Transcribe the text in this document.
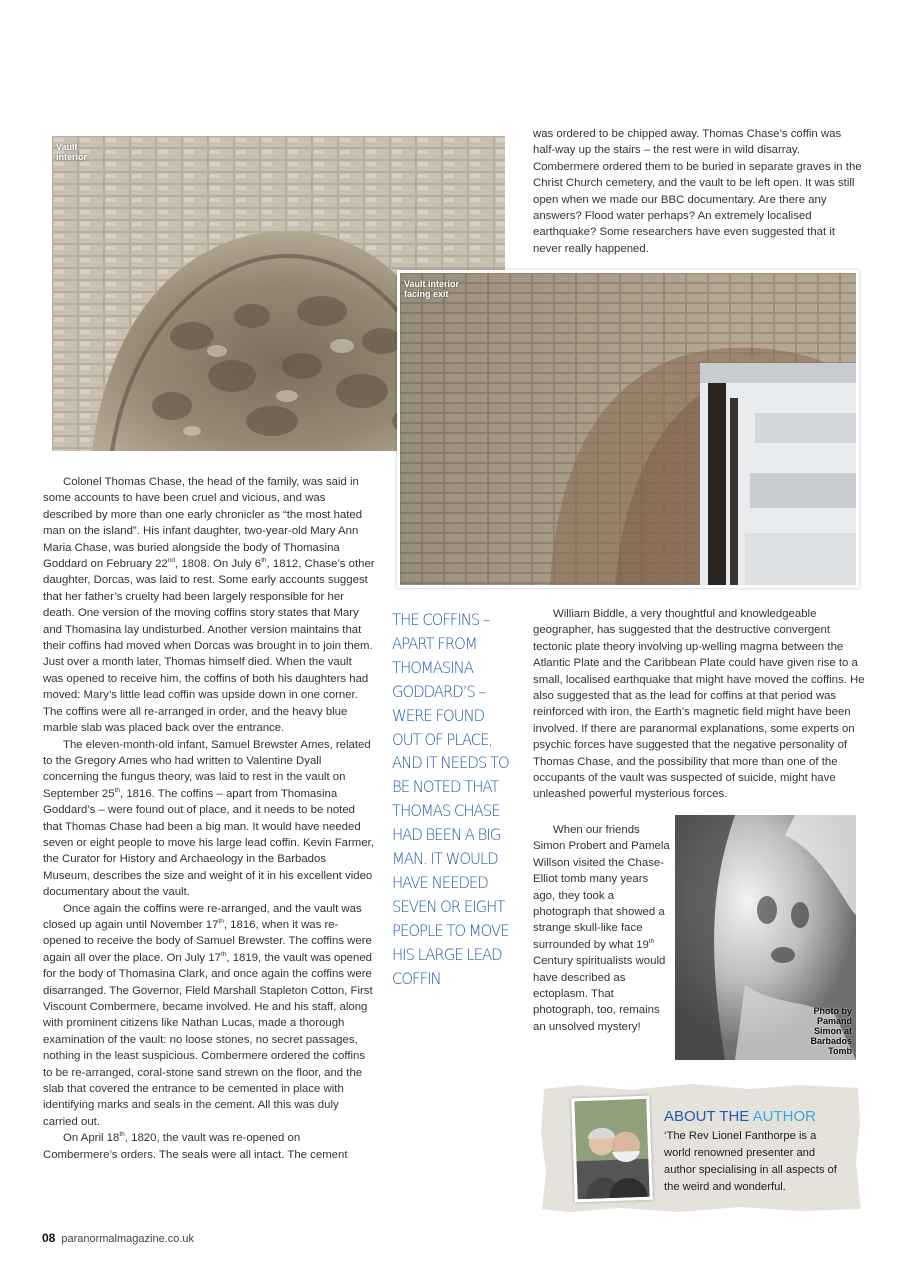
Vault
interior

was ordered to be chipped away. Thomas Chase’s coffin was half-way up the stairs – the rest were in wild disarray. Combermere ordered them to be buried in separate graves in the Christ Church cemetery, and the vault to be left open. It was still open when we made our BBC documentary. Are there any answers? Flood water perhaps? An extremely localised earthquake? Some researchers have even suggested that it never really happened.

Vault interior
facing exit

Colonel Thomas Chase, the head of the family, was said in some accounts to have been cruel and vicious, and was described by more than one early chronicler as “the most hated man on the island”. His infant daughter, two-year-old Mary Ann Maria Chase, was buried alongside the body of Thomasina Goddard on February 22nd, 1808. On July 6th, 1812, Chase’s other daughter, Dorcas, was laid to rest. Some early accounts suggest that her father’s cruelty had been largely responsible for her death. One version of the moving coffins story states that Mary and Thomasina lay undisturbed. Another version maintains that their coffins had moved when Dorcas was brought in to join them. Just over a month later, Thomas himself died. When the vault was opened to receive him, the coffins of both his daughters had moved: Mary’s little lead coffin was upside down in one corner. The coffins were all re-arranged in order, and the heavy blue marble slab was placed back over the entrance.

The eleven-month-old infant, Samuel Brewster Ames, related to the Gregory Ames who had written to Valentine Dyall concerning the fungus theory, was laid to rest in the vault on September 25th, 1816. The coffins – apart from Thomasina Goddard’s – were found out of place, and it needs to be noted that Thomas Chase had been a big man. It would have needed seven or eight people to move his large lead coffin. Kevin Farmer, the Curator for History and Archaeology in the Barbados Museum, describes the size and weight of it in his excellent video documentary about the vault.

Once again the coffins were re-arranged, and the vault was closed up again until November 17th, 1816, when it was re-opened to receive the body of Samuel Brewster. The coffins were again all over the place. On July 17th, 1819, the vault was opened for the body of Thomasina Clark, and once again the coffins were disarranged. The Governor, Field Marshall Stapleton Cotton, First Viscount Combermere, became involved. He and his staff, along with prominent citizens like Nathan Lucas, made a thorough examination of the vault: no loose stones, no secret passages, nothing in the least suspicious. Combermere ordered the coffins to be re-arranged, coral-stone sand strewn on the floor, and the slab that covered the entrance to be cemented in place with identifying marks and seals in the cement. All this was duly carried out.

On April 18th, 1820, the vault was re-opened on Combermere’s orders. The seals were all intact. The cement

THE COFFINS – APART FROM THOMASINA GODDARD’S – WERE FOUND OUT OF PLACE, AND IT NEEDS TO BE NOTED THAT THOMAS CHASE HAD BEEN A BIG MAN. IT WOULD HAVE NEEDED SEVEN OR EIGHT PEOPLE TO MOVE HIS LARGE LEAD COFFIN

William Biddle, a very thoughtful and knowledgeable geographer, has suggested that the destructive convergent tectonic plate theory involving up-welling magma between the Atlantic Plate and the Caribbean Plate could have given rise to a small, localised earthquake that might have moved the coffins. He also suggested that as the lead for coffins at that period was reinforced with iron, the Earth’s magnetic field might have been involved. If there are paranormal explanations, some experts on psychic forces have suggested that the negative personality of Thomas Chase, and the possibility that more than one of the occupants of the vault was suspected of suicide, might have unleashed powerful mysterious forces.

When our friends Simon Probert and Pamela Willson visited the Chase-Elliot tomb many years ago, they took a photograph that showed a strange skull-like face surrounded by what 19th Century spiritualists would have described as ectoplasm. That photograph, too, remains an unsolved mystery!

Photo by
Pamand
Simon at
Barbados
Tomb
ABOUT THE AUTHOR
‘The Rev Lionel Fanthorpe is a world renowned presenter and author specialising in all aspects of the weird and wonderful.
08 paranormalmagazine.co.uk
